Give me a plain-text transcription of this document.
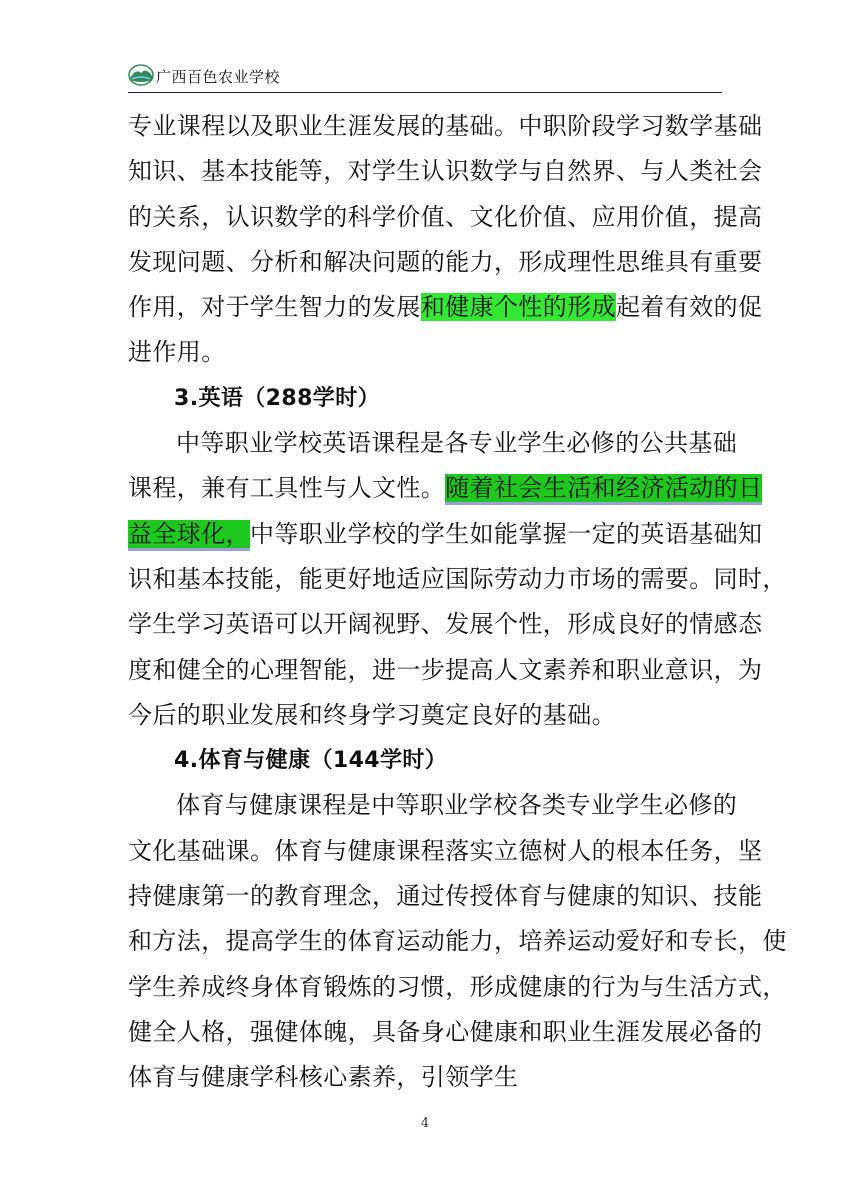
广西百色农业学校
专业课程以及职业生涯发展的基础。中职阶段学习数学基础
知识、基本技能等，对学生认识数学与自然界、与人类社会
的关系，认识数学的科学价值、文化价值、应用价值，提高
发现问题、分析和解决问题的能力，形成理性思维具有重要
作用，对于学生智力的发展和健康个性的形成起着有效的促
进作用。
3.英语（288学时）
中等职业学校英语课程是各专业学生必修的公共基础
课程，兼有工具性与人文性。随着社会生活和经济活动的日
益全球化，中等职业学校的学生如能掌握一定的英语基础知
识和基本技能，能更好地适应国际劳动力市场的需要。同时，
学生学习英语可以开阔视野、发展个性，形成良好的情感态
度和健全的心理智能，进一步提高人文素养和职业意识，为
今后的职业发展和终身学习奠定良好的基础。
4.体育与健康（144学时）
体育与健康课程是中等职业学校各类专业学生必修的
文化基础课。体育与健康课程落实立德树人的根本任务，坚
持健康第一的教育理念，通过传授体育与健康的知识、技能
和方法，提高学生的体育运动能力，培养运动爱好和专长，使
学生养成终身体育锻炼的习惯，形成健康的行为与生活方式，
健全人格，强健体魄，具备身心健康和职业生涯发展必备的
体育与健康学科核心素养，引领学生
4
